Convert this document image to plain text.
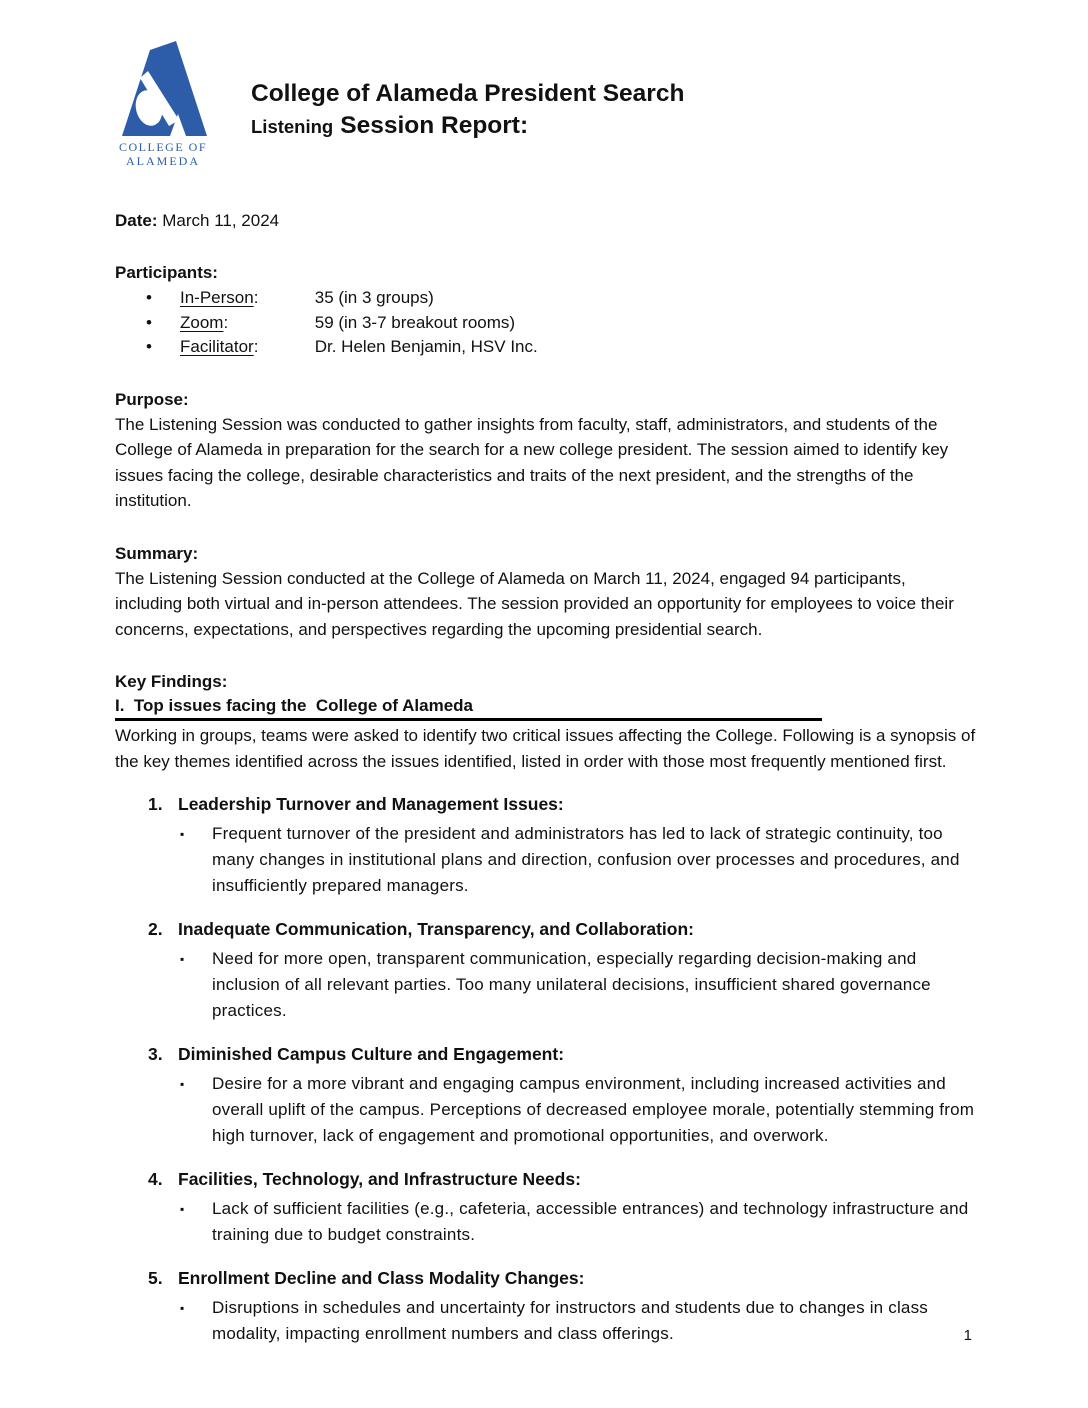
COLLEGE OF
ALAMEDA
College of Alameda President Search
Listening Session Report:
Date: March 11, 2024
Participants:
• In-Person:	35 (in 3 groups)
• Zoom:	59 (in 3-7 breakout rooms)
• Facilitator:	Dr. Helen Benjamin, HSV Inc.
Purpose:

The Listening Session was conducted to gather insights from faculty, staff, administrators, and students of the College of Alameda in preparation for the search for a new college president. The session aimed to identify key issues facing the college, desirable characteristics and traits of the next president, and the strengths of the institution.

Summary:

The Listening Session conducted at the College of Alameda on March 11, 2024, engaged 94 participants, including both virtual and in-person attendees. The session provided an opportunity for employees to voice their concerns, expectations, and perspectives regarding the upcoming presidential search.

Key Findings:
I.  Top issues facing the  College of Alameda

Working in groups, teams were asked to identify two critical issues affecting the College. Following is a synopsis of the key themes identified across the issues identified, listed in order with those most frequently mentioned first.

1. Leadership Turnover and Management Issues:
▪	Frequent turnover of the president and administrators has led to lack of strategic continuity, too many changes in institutional plans and direction, confusion over processes and procedures, and insufficiently prepared managers.
2. Inadequate Communication, Transparency, and Collaboration:
▪	Need for more open, transparent communication, especially regarding decision-making and inclusion of all relevant parties. Too many unilateral decisions, insufficient shared governance practices.
3. Diminished Campus Culture and Engagement:
▪	Desire for a more vibrant and engaging campus environment, including increased activities and overall uplift of the campus. Perceptions of decreased employee morale, potentially stemming from high turnover, lack of engagement and promotional opportunities, and overwork.
4. Facilities, Technology, and Infrastructure Needs:
▪	Lack of sufficient facilities (e.g., cafeteria, accessible entrances) and technology infrastructure and training due to budget constraints.
5. Enrollment Decline and Class Modality Changes:
▪	Disruptions in schedules and uncertainty for instructors and students due to changes in class modality, impacting enrollment numbers and class offerings.	1
